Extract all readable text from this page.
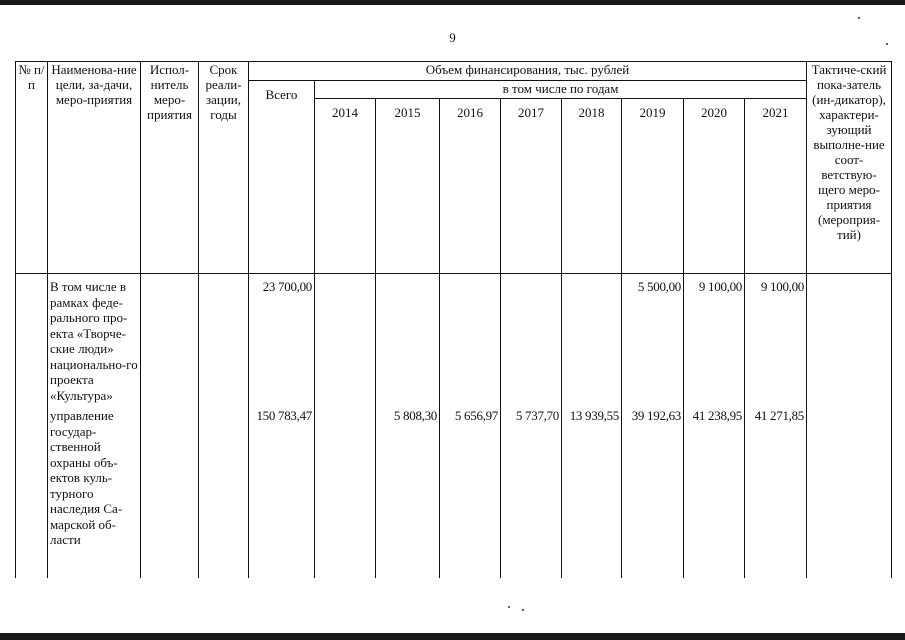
9
№ п/п	Наименова-ние цели, за-дачи, меро-приятия	Испол-нитель меро-приятия	Срок реали-зации, годы	Объем финансирования, тыс. рублей									Тактиче-ский пока-затель (ин-дикатор), характери-зующий выполне-ние соот-ветствую-щего меро-приятия (мероприя-тий)
				Всего	в том числе по годам								
					2014	2015	2016	2017	2018	2019	2020	2021	
	В том числе в рамках феде-рального про-екта «Творче-ские люди» национально-го проекта «Культура»			23 700,00						5 500,00	9 100,00	9 100,00	
	управление государ-ственной охраны объ-ектов куль-турного наследия Са-марской об-ласти			150 783,47		5 808,30	5 656,97	5 737,70	13 939,55	39 192,63	41 238,95	41 271,85	
